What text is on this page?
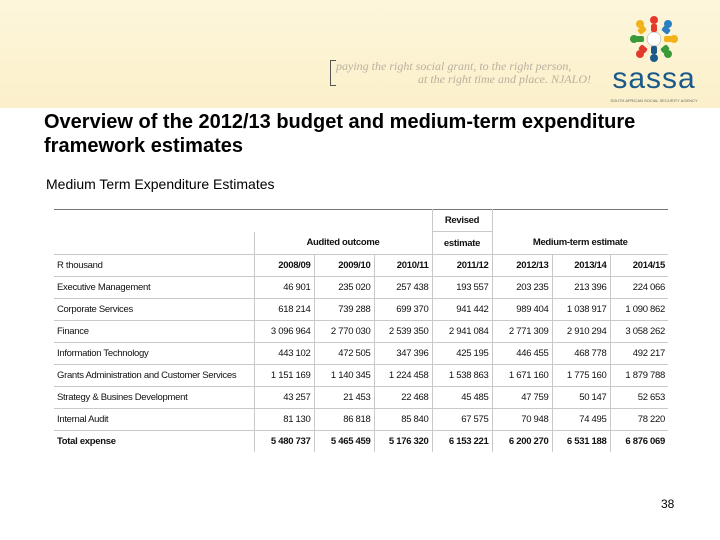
paying the right social grant, to the right person,
at the right time and place. NJALO! sassa
SOUTH AFRICAN SOCIAL SECURITY AGENCY
Overview of the 2012/13 budget and medium-term expenditure framework estimates
Medium Term Expenditure Estimates
				Revised			
	Audited outcome			estimate	Medium-term estimate		
R thousand	2008/09	2009/10	2010/11	2011/12	2012/13	2013/14	2014/15
Executive Management	46 901	235 020	257 438	193 557	203 235	213 396	224 066
Corporate Services	618 214	739 288	699 370	941 442	989 404	1 038 917	1 090 862
Finance	3 096 964	2 770 030	2 539 350	2 941 084	2 771 309	2 910 294	3 058 262
Information Technology	443 102	472 505	347 396	425 195	446 455	468 778	492 217
Grants Administration and Customer Services	1 151 169	1 140 345	1 224 458	1 538 863	1 671 160	1 775 160	1 879 788
Strategy & Busines Development	43 257	21 453	22 468	45 485	47 759	50 147	52 653
Internal Audit	81 130	86 818	85 840	67 575	70 948	74 495	78 220
Total expense	5 480 737	5 465 459	5 176 320	6 153 221	6 200 270	6 531 188	6 876 069
38
